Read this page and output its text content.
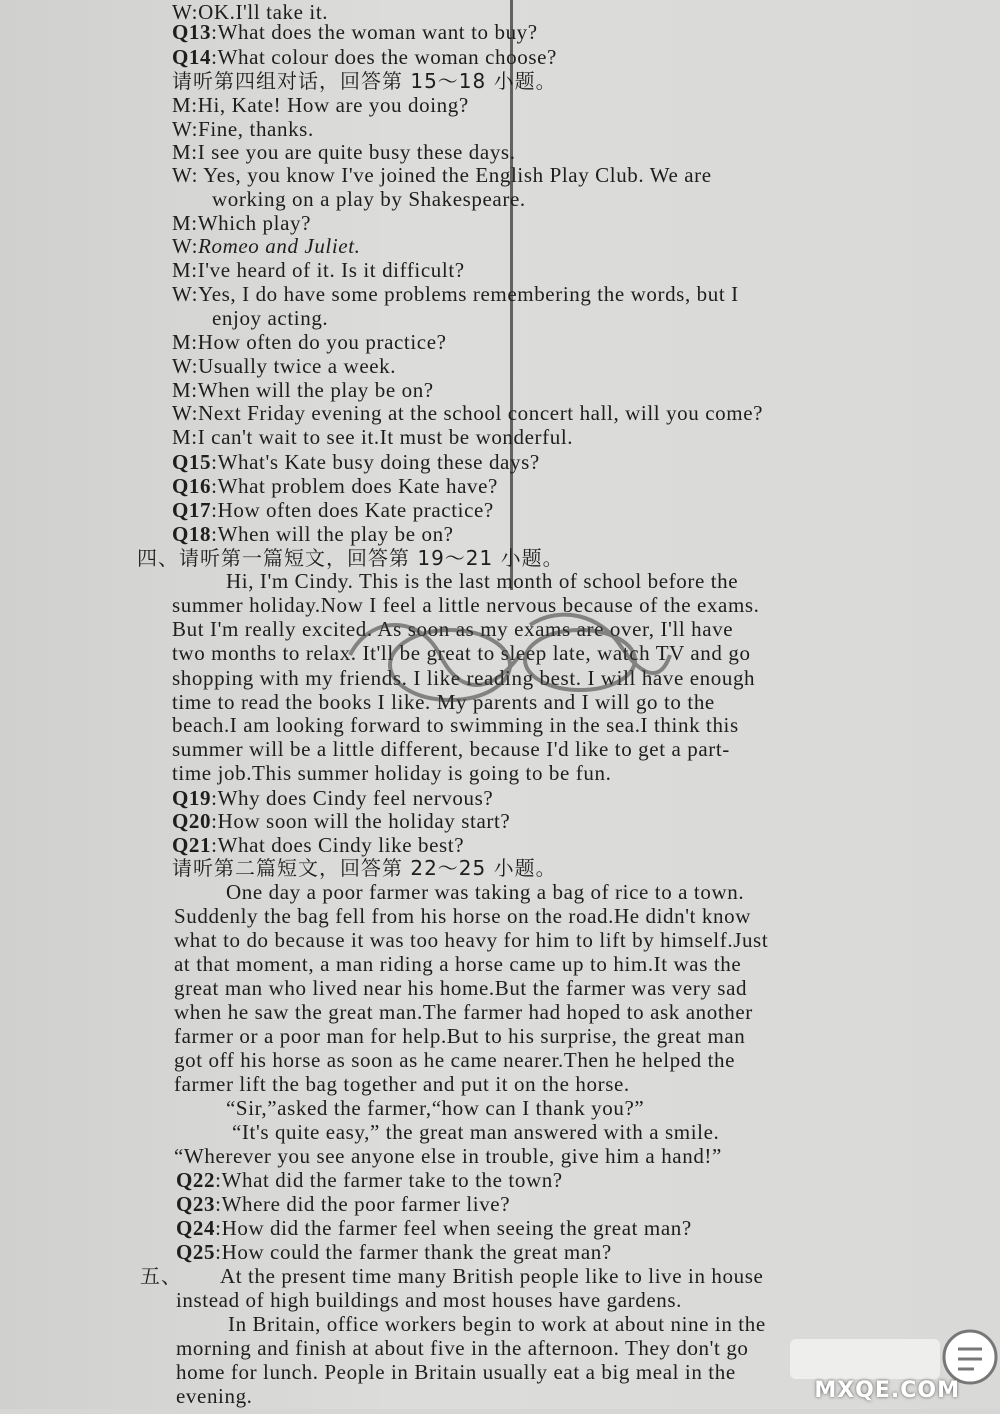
W:OK.I'll take it.
Q13:What does the woman want to buy?
Q14:What colour does the woman choose?
请听第四组对话，回答第 15～18 小题。
M:Hi, Kate! How are you doing?
W:Fine, thanks.
M:I see you are quite busy these days.
W: Yes, you know I've joined the English Play Club. We are
working on a play by Shakespeare.
M:Which play?
W:Romeo and Juliet.
M:I've heard of it. Is it difficult?
W:Yes, I do have some problems remembering the words, but I
enjoy acting.
M:How often do you practice?
W:Usually twice a week.
M:When will the play be on?
W:Next Friday evening at the school concert hall, will you come?
M:I can't wait to see it.It must be wonderful.
Q15:What's Kate busy doing these days?
Q16:What problem does Kate have?
Q17:How often does Kate practice?
Q18:When will the play be on?
四、请听第一篇短文，回答第 19～21 小题。
Hi, I'm Cindy. This is the last month of school before the
summer holiday.Now I feel a little nervous because of the exams.
But I'm really excited. As soon as my exams are over, I'll have
two months to relax. It'll be great to sleep late, watch TV and go
shopping with my friends. I like reading best. I will have enough
time to read the books I like. My parents and I will go to the
beach.I am looking forward to swimming in the sea.I think this
summer will be a little different, because I'd like to get a part-
time job.This summer holiday is going to be fun.
Q19:Why does Cindy feel nervous?
Q20:How soon will the holiday start?
Q21:What does Cindy like best?
请听第二篇短文，回答第 22～25 小题。
One day a poor farmer was taking a bag of rice to a town.
Suddenly the bag fell from his horse on the road.He didn't know
what to do because it was too heavy for him to lift by himself.Just
at that moment, a man riding a horse came up to him.It was the
great man who lived near his home.But the farmer was very sad
when he saw the great man.The farmer had hoped to ask another
farmer or a poor man for help.But to his surprise, the great man
got off his horse as soon as he came nearer.Then he helped the
farmer lift the bag together and put it on the horse.
“Sir,”asked the farmer,“how can I thank you?”
“It's quite easy,” the great man answered with a smile.
“Wherever you see anyone else in trouble, give him a hand!”
Q22:What did the farmer take to the town?
Q23:Where did the poor farmer live?
Q24:How did the farmer feel when seeing the great man?
Q25:How could the farmer thank the great man?
五、 At the present time many British people like to live in house
instead of high buildings and most houses have gardens.
In Britain, office workers begin to work at about nine in the
morning and finish at about five in the afternoon. They don't go
home for lunch. People in Britain usually eat a big meal in the
evening.	MXQE.COM
